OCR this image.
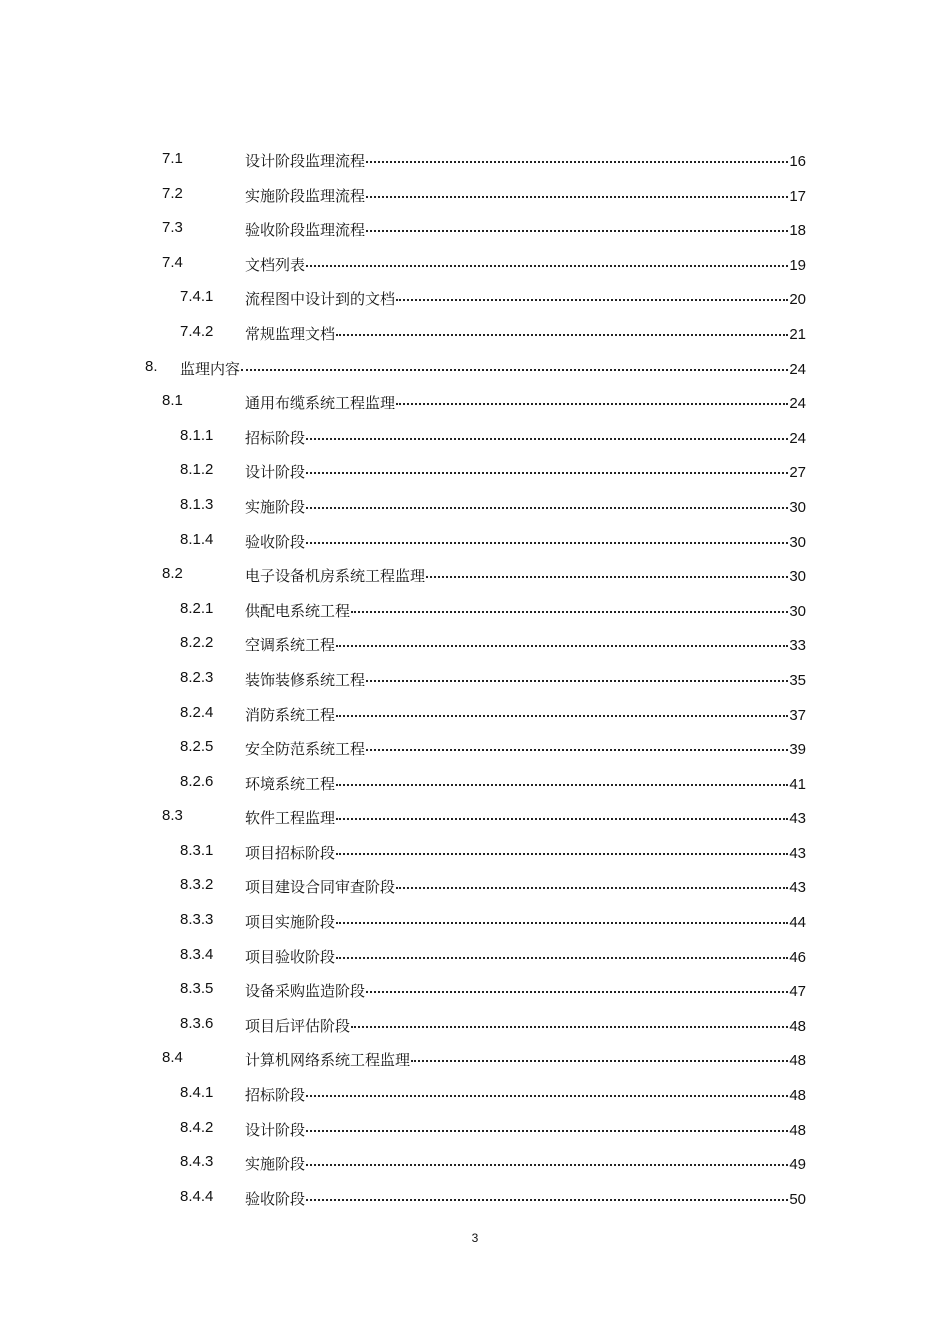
7.1	设计阶段监理流程	16
7.2	实施阶段监理流程	17
7.3	验收阶段监理流程	18
7.4	文档列表	19
7.4.1 流程图中设计到的文档	20
7.4.2 常规监理文档	21
8. 监理内容	24
8.1	通用布缆系统工程监理	24
8.1.1 招标阶段	24
8.1.2 设计阶段	27
8.1.3 实施阶段	30
8.1.4 验收阶段	30
8.2	电子设备机房系统工程监理	30
8.2.1 供配电系统工程	30
8.2.2 空调系统工程	33
8.2.3 装饰装修系统工程	35
8.2.4 消防系统工程	37
8.2.5 安全防范系统工程	39
8.2.6 环境系统工程	41
8.3	软件工程监理	43
8.3.1 项目招标阶段	43
8.3.2 项目建设合同审查阶段	43
8.3.3 项目实施阶段	44
8.3.4 项目验收阶段	46
8.3.5 设备采购监造阶段	47
8.3.6 项目后评估阶段	48
8.4	计算机网络系统工程监理	48
8.4.1 招标阶段	48
8.4.2 设计阶段	48
8.4.3 实施阶段	49
8.4.4 验收阶段	50
3
